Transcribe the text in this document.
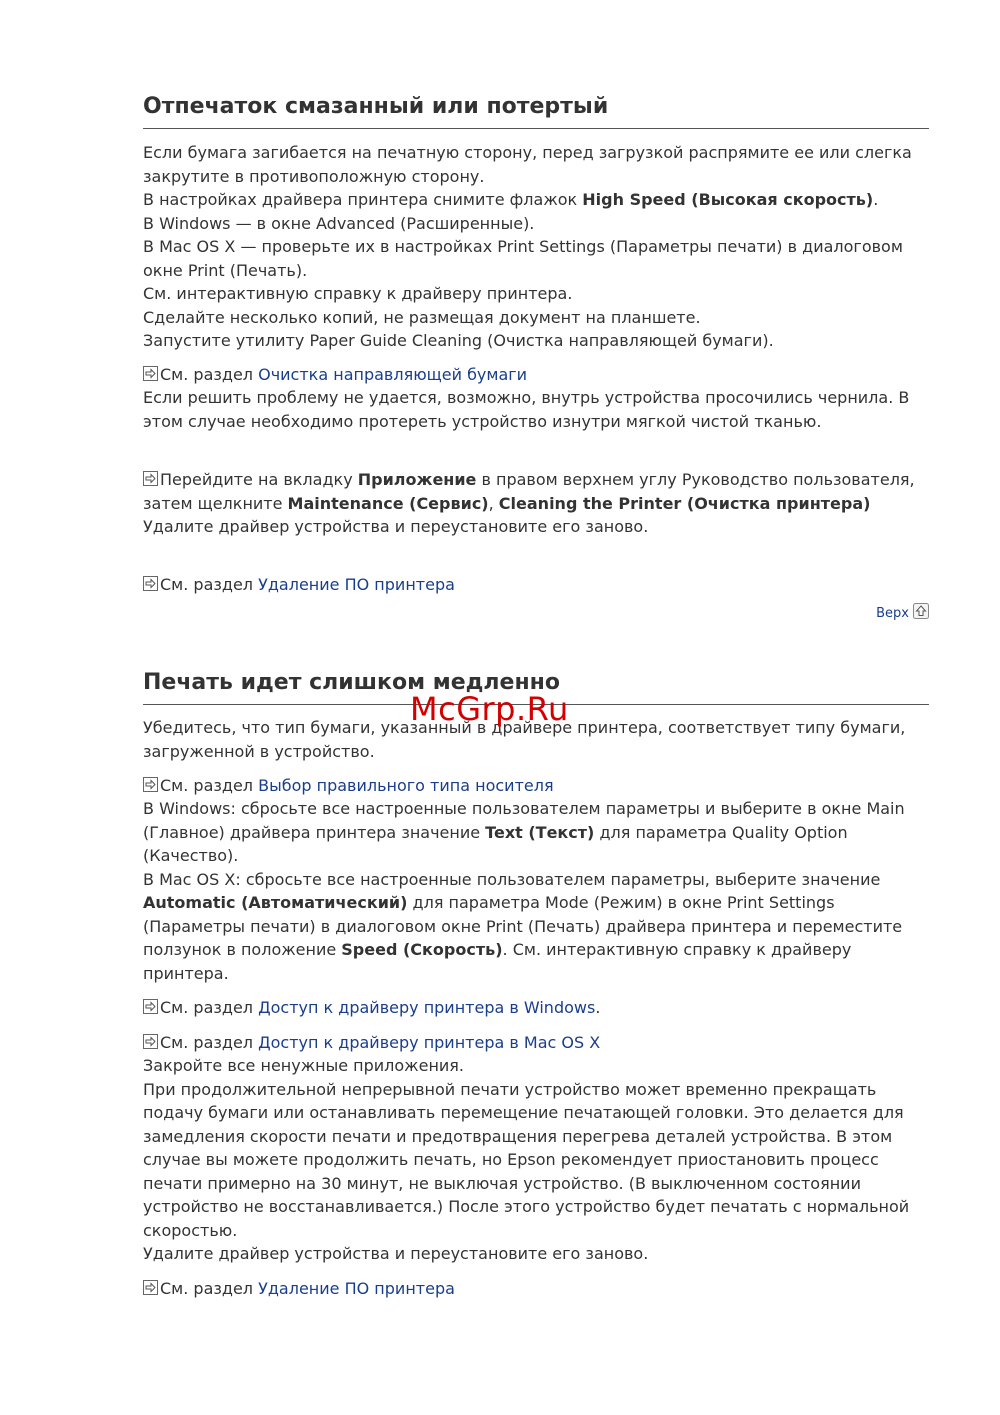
Отпечаток смазанный или потертый

Если бумага загибается на печатную сторону, перед загрузкой распрямите ее или слегка закрутите в противоположную сторону.

В настройках драйвера принтера снимите флажок High Speed (Высокая скорость).

В Windows — в окне Advanced (Расширенные).

В Mac OS X — проверьте их в настройках Print Settings (Параметры печати) в диалоговом окне Print (Печать).

См. интерактивную справку к драйверу принтера.

Сделайте несколько копий, не размещая документ на планшете.

Запустите утилиту Paper Guide Cleaning (Очистка направляющей бумаги).

См. раздел Очистка направляющей бумаги

Если решить проблему не удается, возможно, внутрь устройства просочились чернила. В этом случае необходимо протереть устройство изнутри мягкой чистой тканью.

Перейдите на вкладку Приложение в правом верхнем углу Руководство пользователя, затем щелкните Maintenance (Сервис), Cleaning the Printer (Очистка принтера)

Удалите драйвер устройства и переустановите его заново.

См. раздел Удаление ПО принтера
Верх
Печать идет слишком медленно

Убедитесь, что тип бумаги, указанный в драйвере принтера, соответствует типу бумаги, загруженной в устройство.

См. раздел Выбор правильного типа носителя

В Windows: сбросьте все настроенные пользователем параметры и выберите в окне Main (Главное) драйвера принтера значение Text (Текст) для параметра Quality Option (Качество).

В Mac OS X: сбросьте все настроенные пользователем параметры, выберите значение Automatic (Автоматический) для параметра Mode (Режим) в окне Print Settings (Параметры печати) в диалоговом окне Print (Печать) драйвера принтера и переместите ползунок в положение Speed (Скорость). См. интерактивную справку к драйверу принтера.

См. раздел Доступ к драйверу принтера в Windows.
См. раздел Доступ к драйверу принтера в Mac OS X

Закройте все ненужные приложения.

При продолжительной непрерывной печати устройство может временно прекращать подачу бумаги или останавливать перемещение печатающей головки. Это делается для замедления скорости печати и предотвращения перегрева деталей устройства. В этом случае вы можете продолжить печать, но Epson рекомендует приостановить процесс печати примерно на 30 минут, не выключая устройство. (В выключенном состоянии устройство не восстанавливается.) После этого устройство будет печатать с нормальной скоростью.

Удалите драйвер устройства и переустановите его заново.

См. раздел Удаление ПО принтера
McGrp.Ru
